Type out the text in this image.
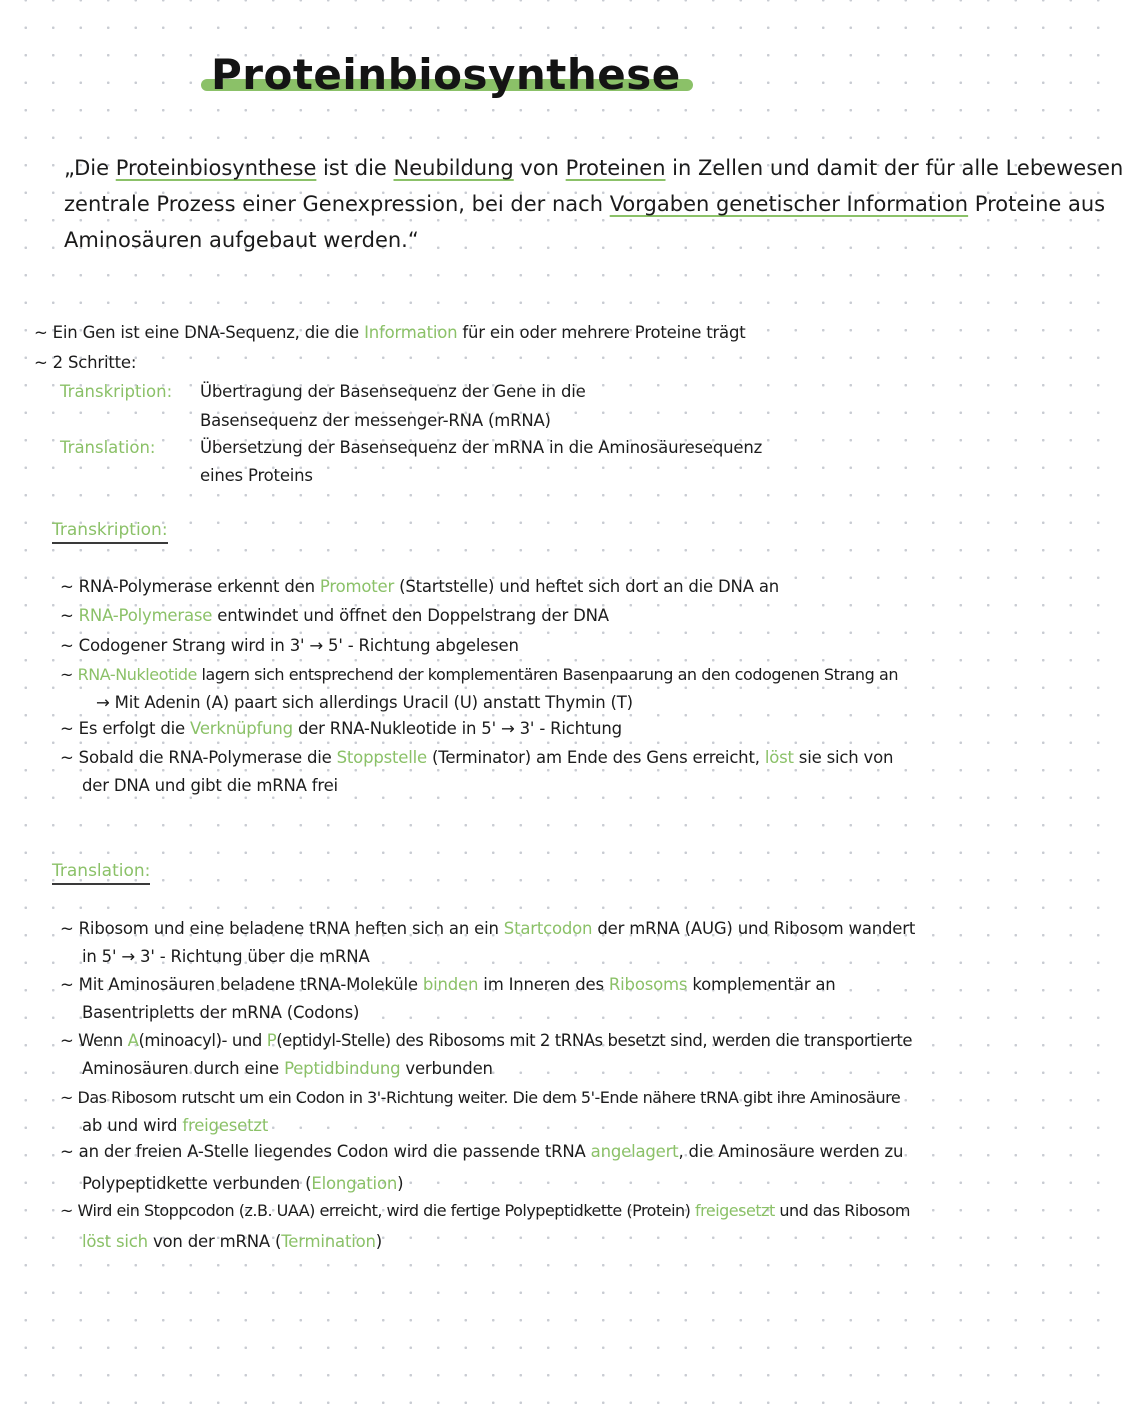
Proteinbiosynthese
„Die Proteinbiosynthese ist die Neubildung von Proteinen in Zellen und damit der für alle Lebewesen
zentrale Prozess einer Genexpression, bei der nach Vorgaben genetischer Information Proteine aus
Aminosäuren aufgebaut werden.“
~ Ein Gen ist eine DNA-Sequenz, die die Information für ein oder mehrere Proteine trägt
~ 2 Schritte:
Transkription: Übertragung der Basensequenz der Gene in die
Basensequenz der messenger-RNA (mRNA)
Translation:	Übersetzung der Basensequenz der mRNA in die Aminosäuresequenz
eines Proteins
Transkription:
~ RNA-Polymerase erkennt den Promoter (Startstelle) und heftet sich dort an die DNA an
~ RNA-Polymerase entwindet und öffnet den Doppelstrang der DNA
~ Codogener Strang wird in 3' → 5' - Richtung abgelesen
~ RNA-Nukleotide lagern sich entsprechend der komplementären Basenpaarung an den codogenen Strang an
→ Mit Adenin (A) paart sich allerdings Uracil (U) anstatt Thymin (T)
~ Es erfolgt die Verknüpfung der RNA-Nukleotide in 5' → 3' - Richtung
~ Sobald die RNA-Polymerase die Stoppstelle (Terminator) am Ende des Gens erreicht, löst sie sich von
der DNA und gibt die mRNA frei
Translation:
~ Ribosom und eine beladene tRNA heften sich an ein Startcodon der mRNA (AUG) und Ribosom wandert
in 5' → 3' - Richtung über die mRNA
~ Mit Aminosäuren beladene tRNA-Moleküle binden im Inneren des Ribosoms komplementär an
Basentripletts der mRNA (Codons)
~ Wenn A(minoacyl)- und P(eptidyl-Stelle) des Ribosoms mit 2 tRNAs besetzt sind, werden die transportierte
Aminosäuren durch eine Peptidbindung verbunden
~ Das Ribosom rutscht um ein Codon in 3'-Richtung weiter. Die dem 5'-Ende nähere tRNA gibt ihre Aminosäure
ab und wird freigesetzt
~ an der freien A-Stelle liegendes Codon wird die passende tRNA angelagert, die Aminosäure werden zu
Polypeptidkette verbunden (Elongation)
~ Wird ein Stoppcodon (z.B. UAA) erreicht, wird die fertige Polypeptidkette (Protein) freigesetzt und das Ribosom
löst sich von der mRNA (Termination)
